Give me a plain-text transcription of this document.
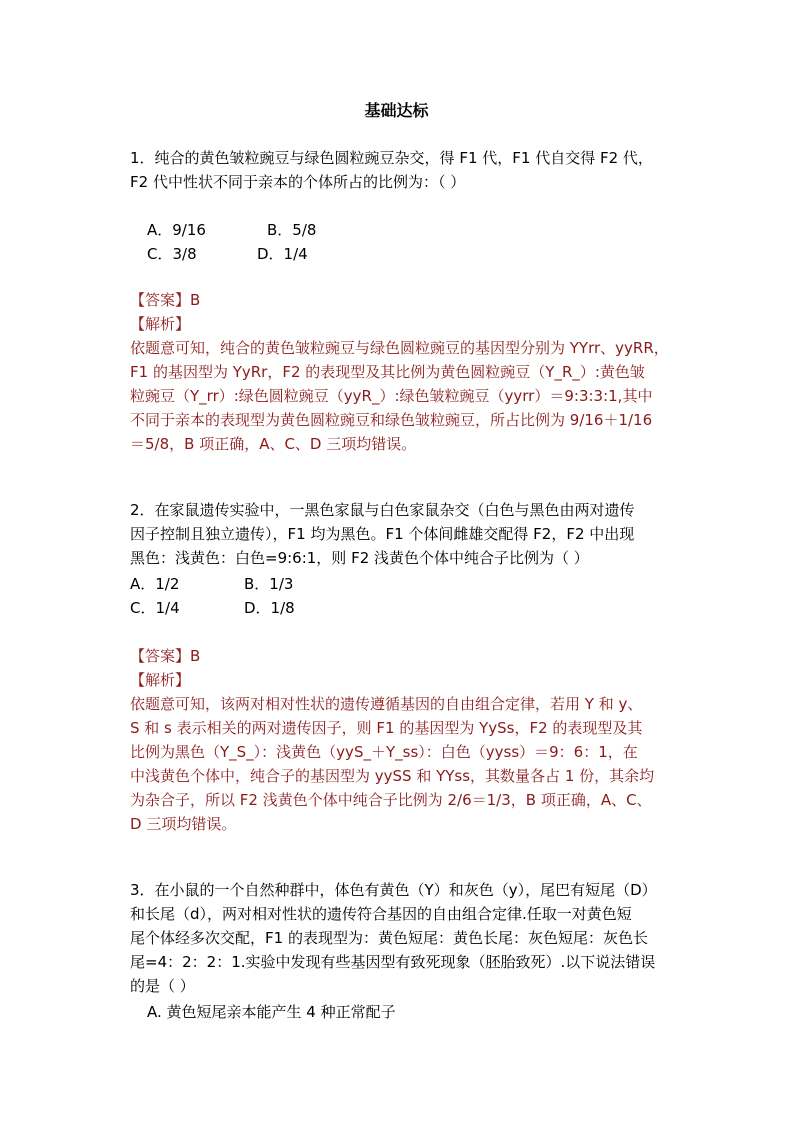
基础达标
1．纯合的黄色皱粒豌豆与绿色圆粒豌豆杂交，得 F1 代，F1 代自交得 F2 代，
F2 代中性状不同于亲本的个体所占的比例为：（ ）
A．9/16	B．5/8
C．3/8	D．1/4
【答案】B
【解析】
依题意可知，纯合的黄色皱粒豌豆与绿色圆粒豌豆的基因型分别为 YYrr、yyRR，
F1 的基因型为 YyRr，F2 的表现型及其比例为黄色圆粒豌豆（Y_R_）:黄色皱
粒豌豆（Y_rr）:绿色圆粒豌豆（yyR_）:绿色皱粒豌豆（yyrr）＝9:3:3:1,其中
不同于亲本的表现型为黄色圆粒豌豆和绿色皱粒豌豆，所占比例为 9/16＋1/16
＝5/8，B 项正确，A、C、D 三项均错误。
2．在家鼠遗传实验中，一黑色家鼠与白色家鼠杂交（白色与黑色由两对遗传
因子控制且独立遗传），F1 均为黑色。F1 个体间雌雄交配得 F2，F2 中出现
黑色：浅黄色：白色=9:6:1，则 F2 浅黄色个体中纯合子比例为（ ）
A．1/2	B．1/3
C．1/4	D．1/8
【答案】B
【解析】
依题意可知，该两对相对性状的遗传遵循基因的自由组合定律，若用 Y 和 y、
S 和 s 表示相关的两对遗传因子，则 F1 的基因型为 YySs，F2 的表现型及其
比例为黑色（Y_S_）：浅黄色（yyS_＋Y_ss）：白色（yyss）＝9：6：1，在
中浅黄色个体中，纯合子的基因型为 yySS 和 YYss，其数量各占 1 份，其余均
为杂合子，所以 F2 浅黄色个体中纯合子比例为 2/6＝1/3，B 项正确，A、C、
D 三项均错误。
3．在小鼠的一个自然种群中，体色有黄色（Y）和灰色（y），尾巴有短尾（D）
和长尾（d），两对相对性状的遗传符合基因的自由组合定律.任取一对黄色短
尾个体经多次交配，F1 的表现型为：黄色短尾：黄色长尾：灰色短尾：灰色长
尾=4：2：2：1.实验中发现有些基因型有致死现象（胚胎致死）.以下说法错误
的是（ ）
A. 黄色短尾亲本能产生 4 种正常配子
